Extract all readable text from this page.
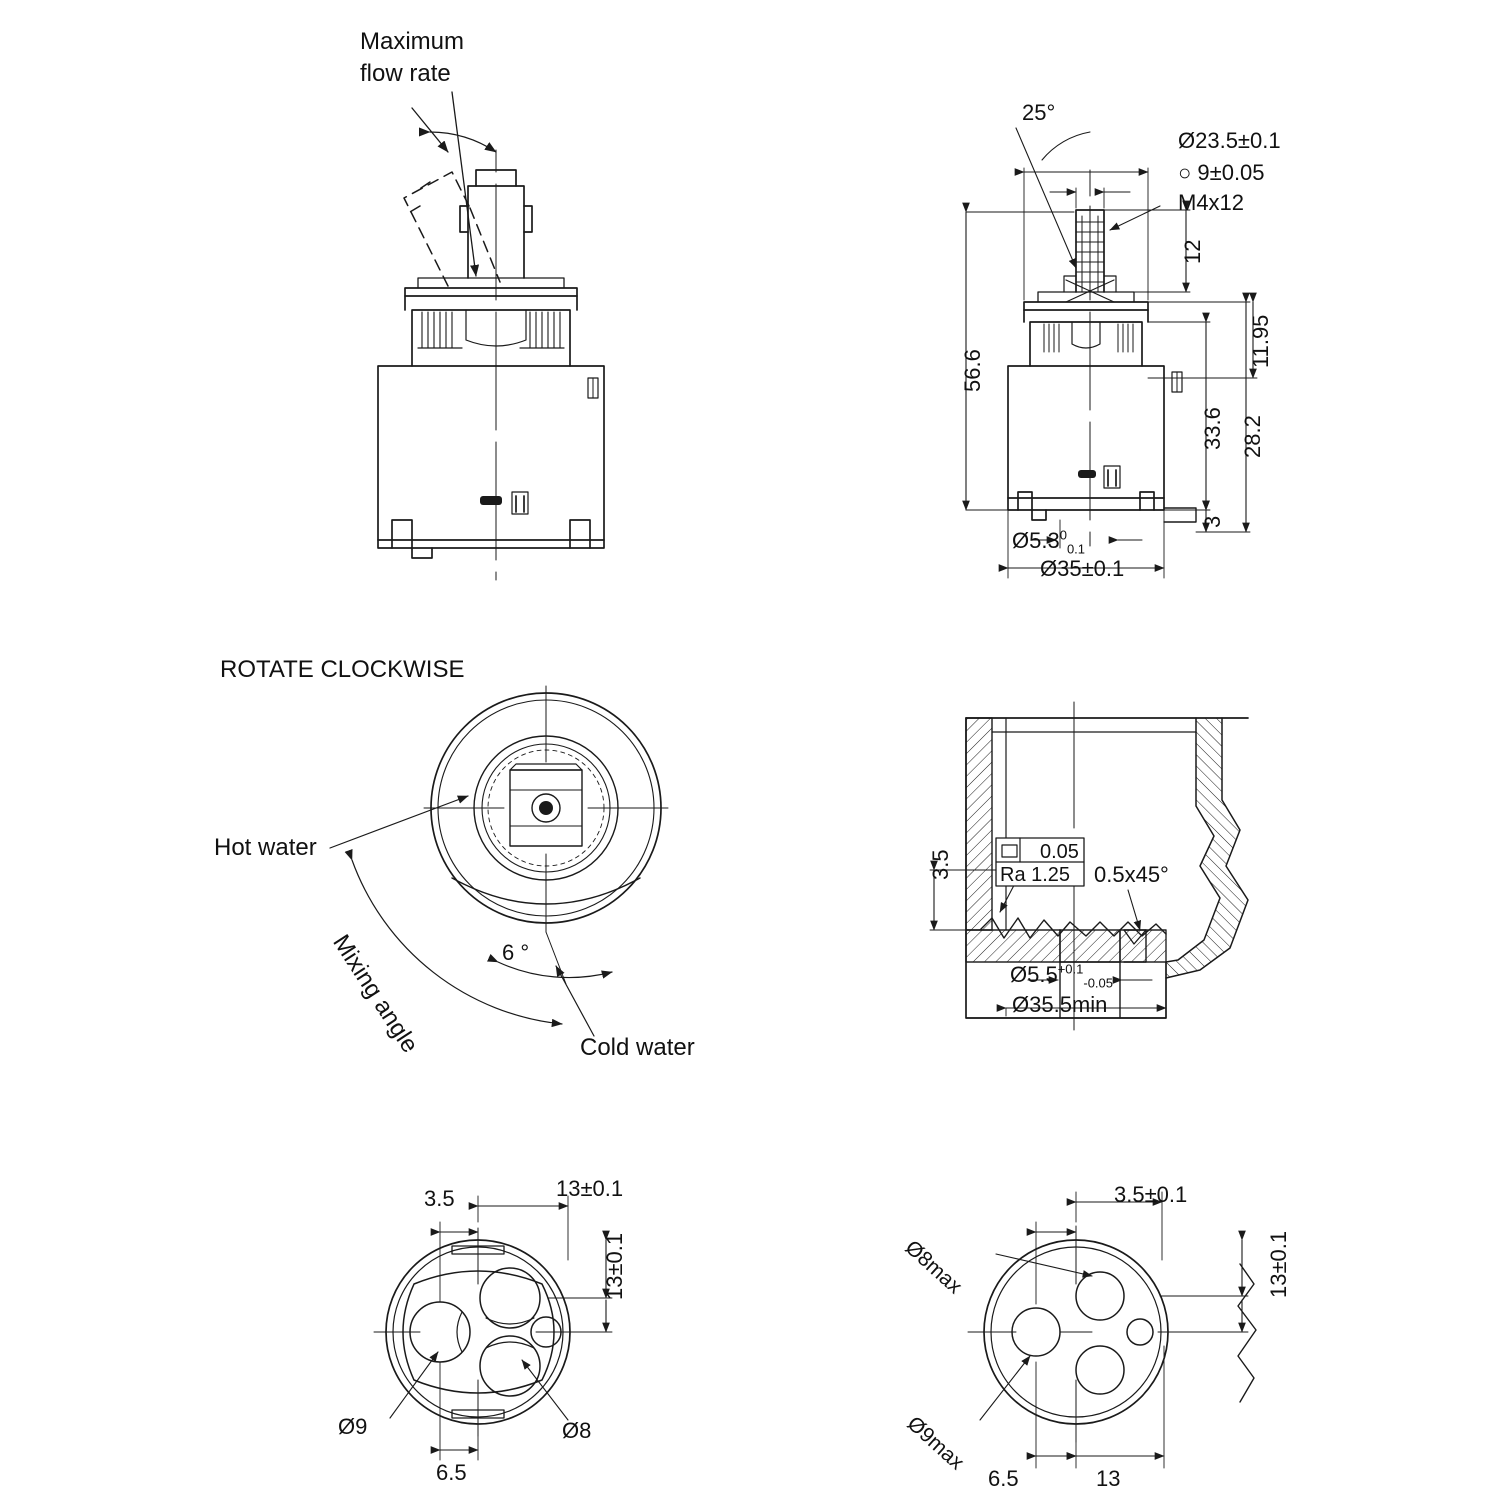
Maximum
flow rate
25°
Ø23.5±0.1
○ 9±0.05
M4x12
12
11.95
56.6
33.6 28.2
3
$Ø5.3^0_{0.1}$
Ø35±0.1
ROTATE CLOCKWISE
Hot water
Cold water
Mixing angle	6 °
3.5	0.05
Ra 1.25 0.5x45°
$Ø5.5^{+0.1}_{-0.05}$
Ø35.5min
3.5	13±0.1
13±0.1
Ø9	Ø8
6.5
3.5±0.1
13±0.1
Ø8max
Ø9max
6.5	13
